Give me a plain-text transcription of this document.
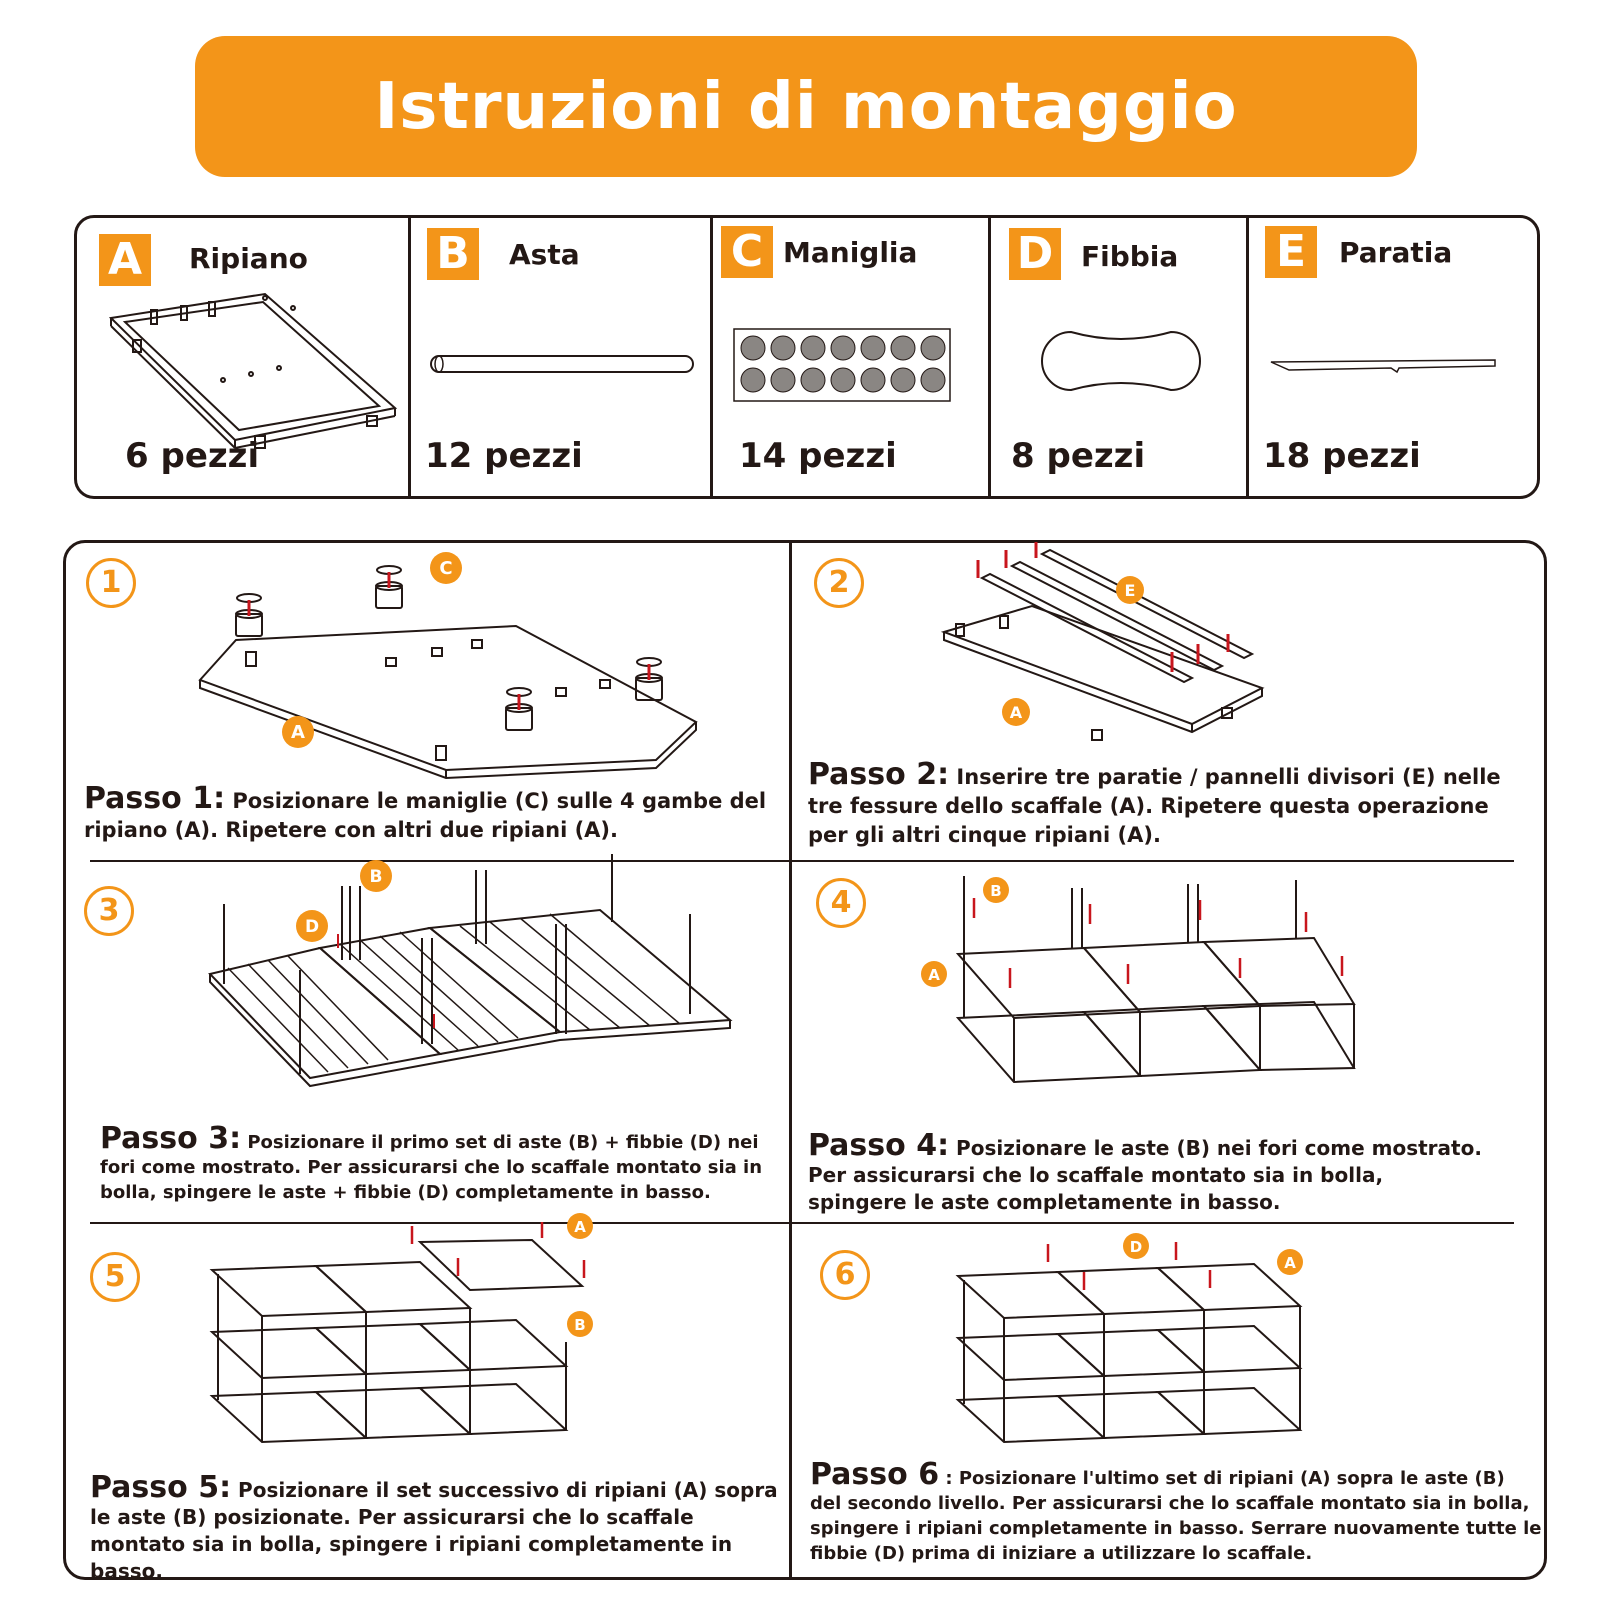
Istruzioni di montaggio
A	Ripiano
6 pezzi
B	Asta
12 pezzi
C Maniglia
14 pezzi
D Fibbia
8 pezzi
E	Paratia
18 pezzi
1	C
A
Passo 1: Posizionare le maniglie (C) sulle 4 gambe del ripiano (A). Ripetere con altri due ripiani (A).
2	E
A
Passo 2: Inserire tre paratie / pannelli divisori (E) nelle tre fessure dello scaffale (A). Ripetere questa operazione per gli altri cinque ripiani (A).
3
B
D
Passo 3: Posizionare il primo set di aste (B) + fibbie (D) nei fori come mostrato. Per assicurarsi che lo scaffale montato sia in bolla, spingere le aste + fibbie (D) completamente in basso.
4	B
A
Passo 4: Posizionare le aste (B) nei fori come mostrato. Per assicurarsi che lo scaffale montato sia in bolla, spingere le aste completamente in basso.
5
A
B
Passo 5: Posizionare il set successivo di ripiani (A) sopra le aste (B) posizionate. Per assicurarsi che lo scaffale montato sia in bolla, spingere i ripiani completamente in basso.
6
D
A
Passo 6 : Posizionare l'ultimo set di ripiani (A) sopra le aste (B) del secondo livello. Per assicurarsi che lo scaffale montato sia in bolla, spingere i ripiani completamente in basso. Serrare nuovamente tutte le fibbie (D) prima di iniziare a utilizzare lo scaffale.
